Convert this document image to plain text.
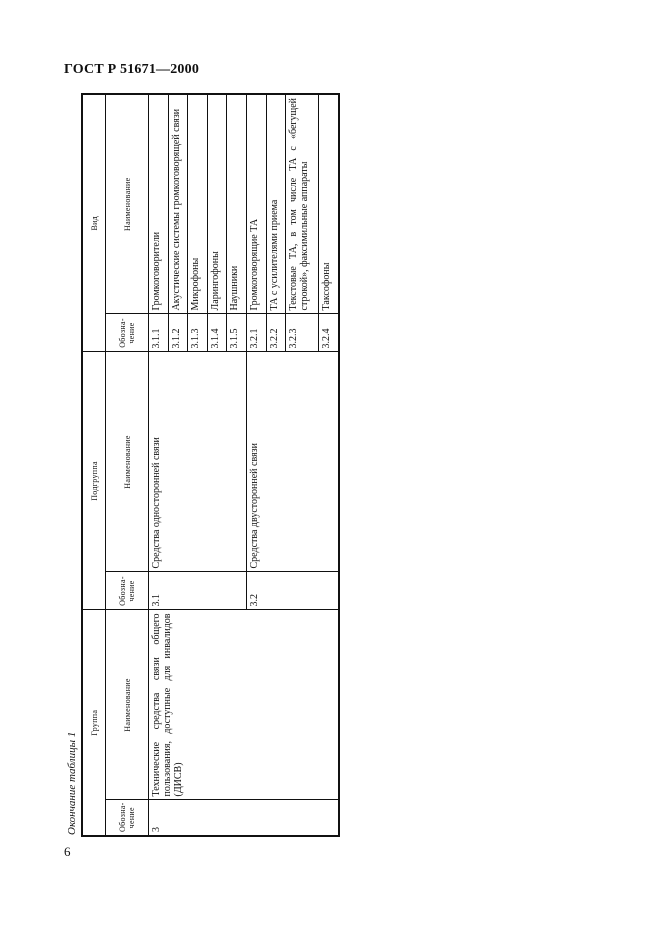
ГОСТ Р 51671—2000
Окончание таблицы 1
Группа		Подгруппа		Вид	
Обозна-чение	Наименование	Обозна-чение	Наименование	Обозна-чение	Наименование
3	Технические средства связи общего пользования, доступные для инвалидов (ДИСВ)	3.1	Средства односторонней связи	3.1.1	Громкоговорители
				3.1.2	Акустические системы громкоговорящей связи
				3.1.3	Микрофоны
				3.1.4	Ларингофоны
				3.1.5	Наушники
		3.2	Средства двусторонней связи	3.2.1	Громкоговорящие ТА
				3.2.2	ТА с усилителями приема
				3.2.3	Текстовые ТА, в том числе ТА с «бегущей строкой», факсимильные аппараты
				3.2.4	Таксофоны
6
